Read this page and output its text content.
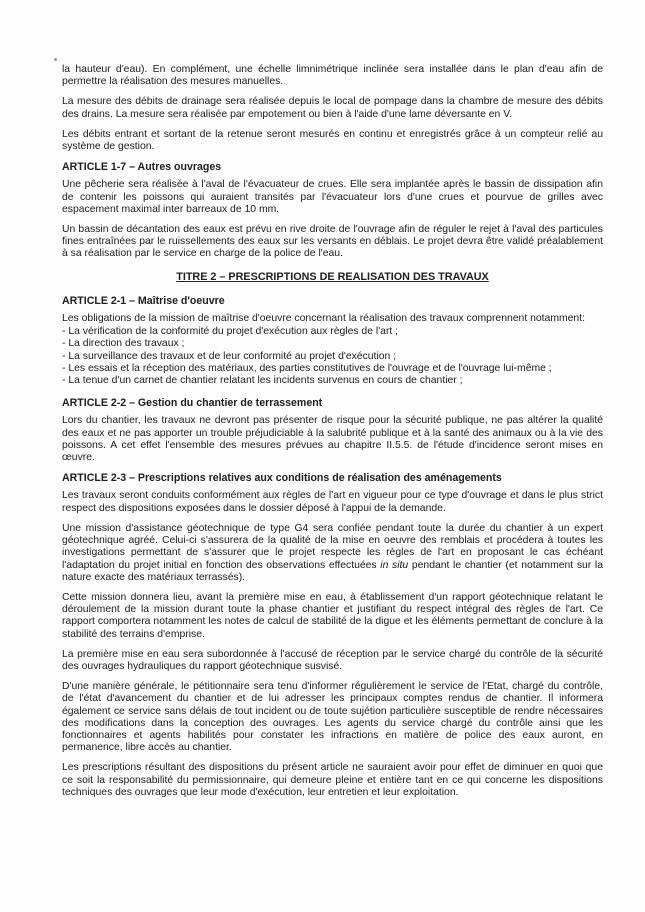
la hauteur d'eau). En complément, une échelle limnimétrique inclinée sera installée dans le plan d'eau afin de permettre la réalisation des mesures manuelles.

La mesure des débits de drainage sera réalisée depuis le local de pompage dans la chambre de mesure des débits des drains. La mesure sera réalisée par empotement ou bien à l'aide d'une lame déversante en V.

Les débits entrant et sortant de la retenue seront mesurés en continu et enregistrés grâce à un compteur relié au système de gestion.

ARTICLE 1-7 – Autres ouvrages

Une pêcherie sera réalisée à l'aval de l'évacuateur de crues. Elle sera implantée après le bassin de dissipation afin de contenir les poissons qui auraient transités par l'évacuateur lors d'une crues et pourvue de grilles avec espacement maximal inter barreaux de 10 mm.

Un bassin de décantation des eaux est prévu en rive droite de l'ouvrage afin de réguler le rejet à l'aval des particules fines entraînées par le ruissellements des eaux sur les versants en déblais. Le projet devra être validé préalablement à sa réalisation par le service en charge de la police de l'eau.

TITRE 2 – PRESCRIPTIONS DE REALISATION DES TRAVAUX
ARTICLE 2-1 – Maîtrise d'oeuvre

Les obligations de la mission de maîtrise d'oeuvre concernant la réalisation des travaux comprennent notamment:

- La vérification de la conformité du projet d'exécution aux règles de l'art ;
- La direction des travaux ;
- La surveillance des travaux et de leur conformité au projet d'exécution ;
- Les essais et la réception des matériaux, des parties constitutives de l'ouvrage et de l'ouvrage lui-même ;
- La tenue d'un carnet de chantier relatant les incidents survenus en cours de chantier ;
ARTICLE 2-2 – Gestion du chantier de terrassement

Lors du chantier, les travaux ne devront pas présenter de risque pour la sécurité publique, ne pas altérer la qualité des eaux et ne pas apporter un trouble préjudiciable à la salubrité publique et à la santé des animaux ou à la vie des poissons. A cet effet l'ensemble des mesures prévues au chapitre II.5.5. de l'étude d'incidence seront mises en œuvre.

ARTICLE 2-3 – Prescriptions relatives aux conditions de réalisation des aménagements

Les travaux seront conduits conformément aux règles de l'art en vigueur pour ce type d'ouvrage et dans le plus strict respect des dispositions exposées dans le dossier déposé à l'appui de la demande.

Une mission d'assistance géotechnique de type G4 sera confiée pendant toute la durée du chantier à un expert géotechnique agréé. Celui-ci s'assurera de la qualité de la mise en oeuvre des remblais et procédera à toutes les investigations permettant de s'assurer que le projet respecte les règles de l'art en proposant le cas échéant l'adaptation du projet initial en fonction des observations effectuées in situ pendant le chantier (et notamment sur la nature exacte des matériaux terrassés).

Cette mission donnera lieu, avant la première mise en eau, à établissement d'un rapport géotechnique relatant le déroulement de la mission durant toute la phase chantier et justifiant du respect intégral des règles de l'art. Ce rapport comportera notamment les notes de calcul de stabilité de la digue et les éléments permettant de conclure à la stabilité des terrains d'emprise.

La première mise en eau sera subordonnée à l'accusé de réception par le service chargé du contrôle de la sécurité des ouvrages hydrauliques du rapport géotechnique susvisé.

D'une manière générale, le pétitionnaire sera tenu d'informer régulièrement le service de l'Etat, chargé du contrôle, de l'état d'avancement du chantier et de lui adresser les principaux comptes rendus de chantier. Il informera également ce service sans délais de tout incident ou de toute sujétion particulière susceptible de rendre nécessaires des modifications dans la conception des ouvrages. Les agents du service chargé du contrôle ainsi que les fonctionnaires et agents habilités pour constater les infractions en matière de police des eaux auront, en permanence, libre accès au chantier.

Les prescriptions résultant des dispositions du présent article ne sauraient avoir pour effet de diminuer en quoi que ce soit la responsabilité du permissionnaire, qui demeure pleine et entière tant en ce qui concerne les dispositions techniques des ouvrages que leur mode d'exécution, leur entretien et leur exploitation.
